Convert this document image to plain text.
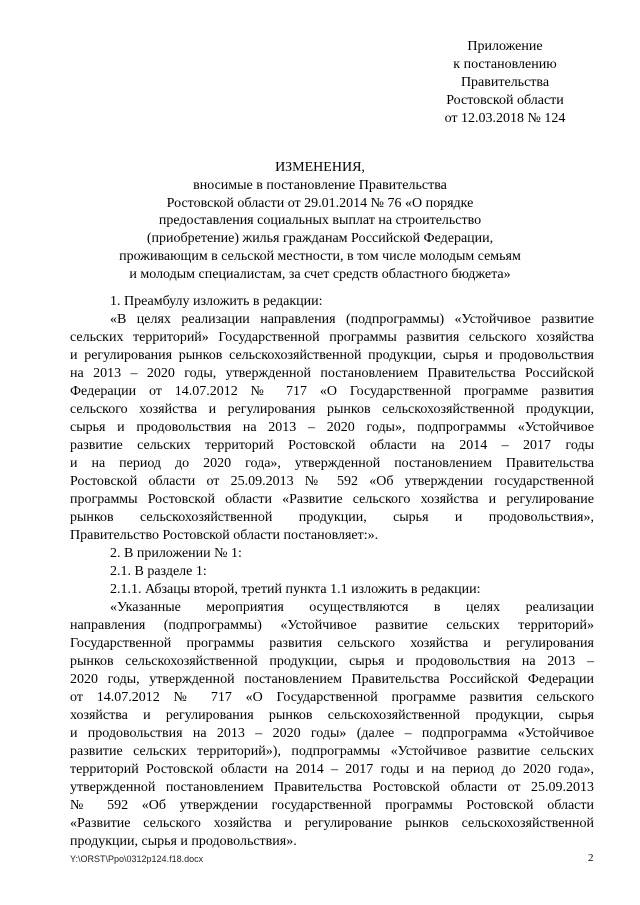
Приложение
к постановлению
Правительства
Ростовской области
от 12.03.2018 № 124
ИЗМЕНЕНИЯ,
вносимые в постановление Правительства
Ростовской области от 29.01.2014 № 76 «О порядке
предоставления социальных выплат на строительство
(приобретение) жилья гражданам Российской Федерации,
проживающим в сельской местности, в том числе молодым семьям
и молодым специалистам, за счет средств областного бюджета»
1. Преамбулу изложить в редакции:
«В целях реализации направления (подпрограммы) «Устойчивое развитие
сельских территорий» Государственной программы развития сельского хозяйства
и регулирования рынков сельскохозяйственной продукции, сырья и продовольствия
на 2013 – 2020 годы, утвержденной постановлением Правительства Российской
Федерации от 14.07.2012 № 717 «О Государственной программе развития
сельского хозяйства и регулирования рынков сельскохозяйственной продукции,
сырья и продовольствия на 2013 – 2020 годы», подпрограммы «Устойчивое
развитие сельских территорий Ростовской области на 2014 – 2017 годы
и на период до 2020 года», утвержденной постановлением Правительства
Ростовской области от 25.09.2013 № 592 «Об утверждении государственной
программы Ростовской области «Развитие сельского хозяйства и регулирование
рынков сельскохозяйственной продукции, сырья и продовольствия»,
Правительство Ростовской области постановляет:».
2. В приложении № 1:
2.1. В разделе 1:
2.1.1. Абзацы второй, третий пункта 1.1 изложить в редакции:
«Указанные мероприятия осуществляются в целях реализации
направления (подпрограммы) «Устойчивое развитие сельских территорий»
Государственной программы развития сельского хозяйства и регулирования
рынков сельскохозяйственной продукции, сырья и продовольствия на 2013 –
2020 годы, утвержденной постановлением Правительства Российской Федерации
от 14.07.2012 № 717 «О Государственной программе развития сельского
хозяйства и регулирования рынков сельскохозяйственной продукции, сырья
и продовольствия на 2013 – 2020 годы» (далее – подпрограмма «Устойчивое
развитие сельских территорий»), подпрограммы «Устойчивое развитие сельских
территорий Ростовской области на 2014 – 2017 годы и на период до 2020 года»,
утвержденной постановлением Правительства Ростовской области от 25.09.2013
№ 592 «Об утверждении государственной программы Ростовской области
«Развитие сельского хозяйства и регулирование рынков сельскохозяйственной
продукции, сырья и продовольствия».
Y:\ORST\Ppo\0312p124.f18.docx	2
